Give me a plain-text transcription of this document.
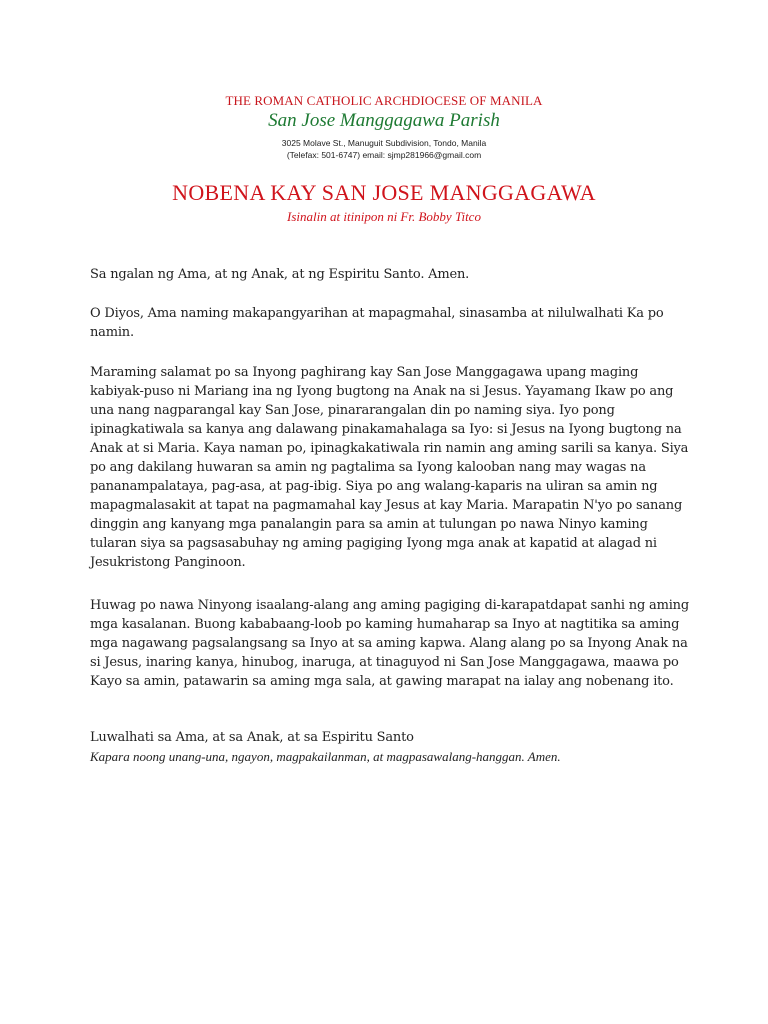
THE ROMAN CATHOLIC ARCHDIOCESE OF MANILA
San Jose Manggagawa Parish
3025 Molave St., Manuguit Subdivision, Tondo, Manila
(Telefax: 501-6747) email: sjmp281966@gmail.com
NOBENA KAY SAN JOSE MANGGAGAWA
Isinalin at itinipon ni Fr. Bobby Titco

Sa ngalan ng Ama, at ng Anak, at ng Espiritu Santo. Amen.

O Diyos, Ama naming makapangyarihan at mapagmahal, sinasamba at nilulwalhati Ka po namin.

Maraming salamat po sa Inyong paghirang kay San Jose Manggagawa upang maging kabiyak-puso ni Mariang ina ng Iyong bugtong na Anak na si Jesus. Yayamang Ikaw po ang una nang nagparangal kay San Jose, pinararangalan din po naming siya. Iyo pong ipinagkatiwala sa kanya ang dalawang pinakamahalaga sa Iyo: si Jesus na Iyong bugtong na Anak at si Maria. Kaya naman po, ipinagkakatiwala rin namin ang aming sarili sa kanya. Siya po ang dakilang huwaran sa amin ng pagtalima sa Iyong kalooban nang may wagas na pananampalataya, pag-asa, at pag-ibig. Siya po ang walang-kaparis na uliran sa amin ng mapagmalasakit at tapat na pagmamahal kay Jesus at kay Maria. Marapatin N'yo po sanang dinggin ang kanyang mga panalangin para sa amin at tulungan po nawa Ninyo kaming tularan siya sa pagsasabuhay ng aming pagiging Iyong mga anak at kapatid at alagad ni Jesukristong Panginoon.

Huwag po nawa Ninyong isaalang-alang ang aming pagiging di-karapatdapat sanhi ng aming mga kasalanan. Buong kababaang-loob po kaming humaharap sa Inyo at nagtitika sa aming mga nagawang pagsalangsang sa Inyo at sa aming kapwa. Alang alang po sa Inyong Anak na si Jesus, inaring kanya, hinubog, inaruga, at tinaguyod ni San Jose Manggagawa, maawa po Kayo sa amin, patawarin sa aming mga sala, at gawing marapat na ialay ang nobenang ito.

Luwalhati sa Ama, at sa Anak, at sa Espiritu Santo

Kapara noong unang-una, ngayon, magpakailanman, at magpasawalang-hanggan. Amen.
